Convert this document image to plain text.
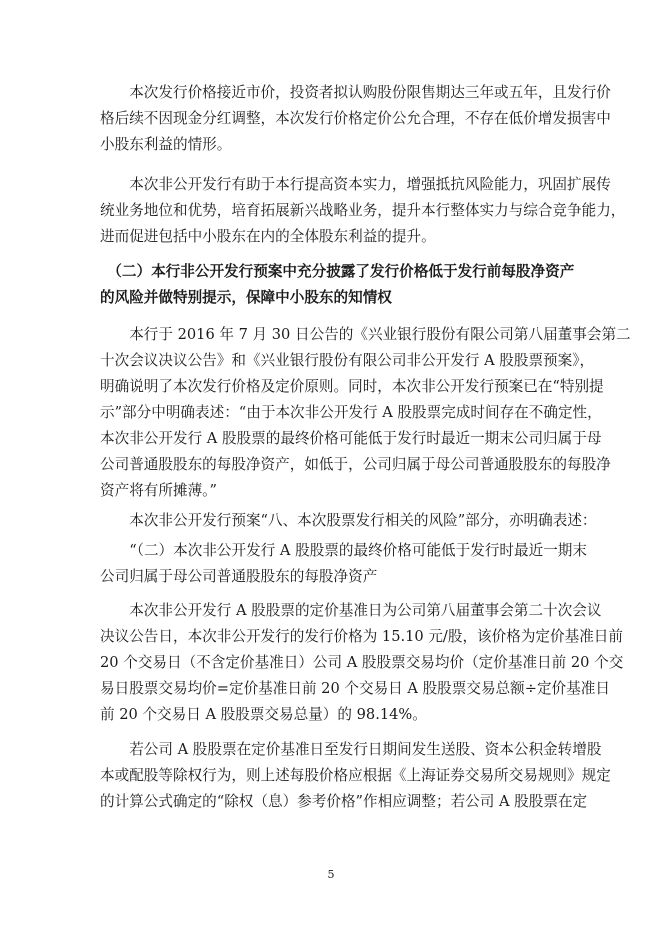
　　本次发行价格接近市价，投资者拟认购股份限售期达三年或五年，且发行价
格后续不因现金分红调整，本次发行价格定价公允合理，不存在低价增发损害中
小股东利益的情形。
　　本次非公开发行有助于本行提高资本实力，增强抵抗风险能力，巩固扩展传
统业务地位和优势，培育拓展新兴战略业务，提升本行整体实力与综合竞争能力，
进而促进包括中小股东在内的全体股东利益的提升。
　（二）本行非公开发行预案中充分披露了发行价格低于发行前每股净资产
的风险并做特别提示，保障中小股东的知情权
　　本行于 2016 年 7 月 30 日公告的《兴业银行股份有限公司第八届董事会第二
十次会议决议公告》和《兴业银行股份有限公司非公开发行 A 股股票预案》，
明确说明了本次发行价格及定价原则。同时，本次非公开发行预案已在“特别提
示”部分中明确表述：“由于本次非公开发行 A 股股票完成时间存在不确定性，
本次非公开发行 A 股股票的最终价格可能低于发行时最近一期末公司归属于母
公司普通股股东的每股净资产，如低于，公司归属于母公司普通股股东的每股净
资产将有所摊薄。”
　　本次非公开发行预案“八、本次股票发行相关的风险”部分，亦明确表述：
　　“（二）本次非公开发行 A 股股票的最终价格可能低于发行时最近一期末
公司归属于母公司普通股股东的每股净资产
　　本次非公开发行 A 股股票的定价基准日为公司第八届董事会第二十次会议
决议公告日，本次非公开发行的发行价格为 15.10 元/股，该价格为定价基准日前
20 个交易日（不含定价基准日）公司 A 股股票交易均价（定价基准日前 20 个交
易日股票交易均价=定价基准日前 20 个交易日 A 股股票交易总额÷定价基准日
前 20 个交易日 A 股股票交易总量）的 98.14%。
　　若公司 A 股股票在定价基准日至发行日期间发生送股、资本公积金转增股
本或配股等除权行为，则上述每股价格应根据《上海证券交易所交易规则》规定
的计算公式确定的“除权（息）参考价格”作相应调整；若公司 A 股股票在定
5
